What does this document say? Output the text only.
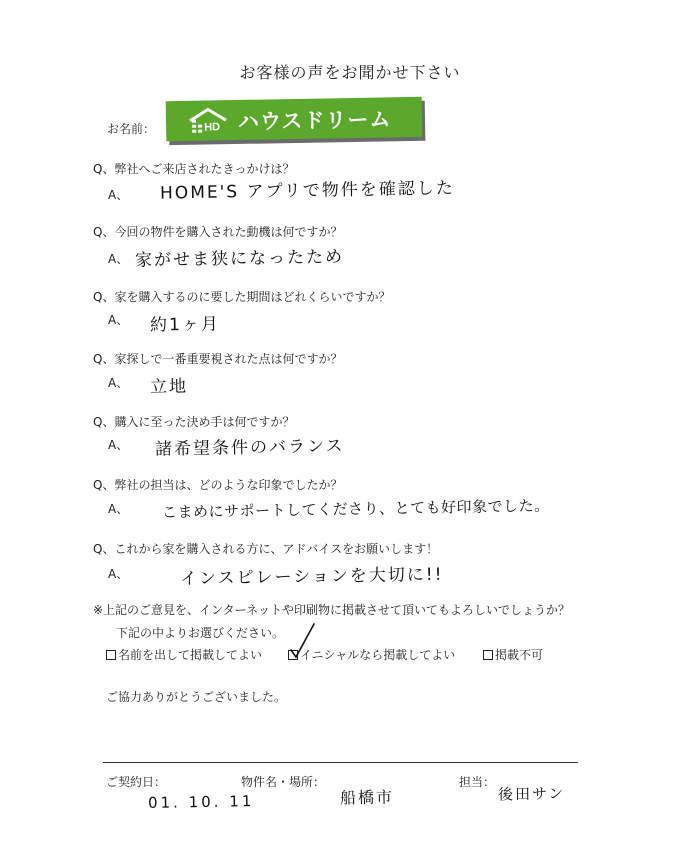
お客様の声をお聞かせ下さい
お名前：	HD ハウスドリーム
Q、弊社へご来店されたきっかけは？
A、 HOME'S アプリで物件を確認した
Q、今回の物件を購入された動機は何ですか？
A、 家がせま狭になったため
Q、家を購入するのに要した期間はどれくらいですか？
A、 約1ヶ月
Q、家探しで一番重要視された点は何ですか？
A、 立地
Q、購入に至った決め手は何ですか？
A、 諸希望条件のバランス
Q、弊社の担当は、どのような印象でしたか？
A、 こまめにサポートしてくださり、とても好印象でした。
Q、これから家を購入される方に、アドバイスをお願いします！
A、	インスピレーションを大切に!!
※上記のご意見を、インターネットや印刷物に掲載させて頂いてもよろしいでしょうか？
下記の中よりお選びください。
名前を出して掲載してよい	イニシャルなら掲載してよい	掲載不可
ご協力ありがとうございました。
ご契約日：
01. 10. 11
物件名・場所：
船橋市
担当：
後田サン
